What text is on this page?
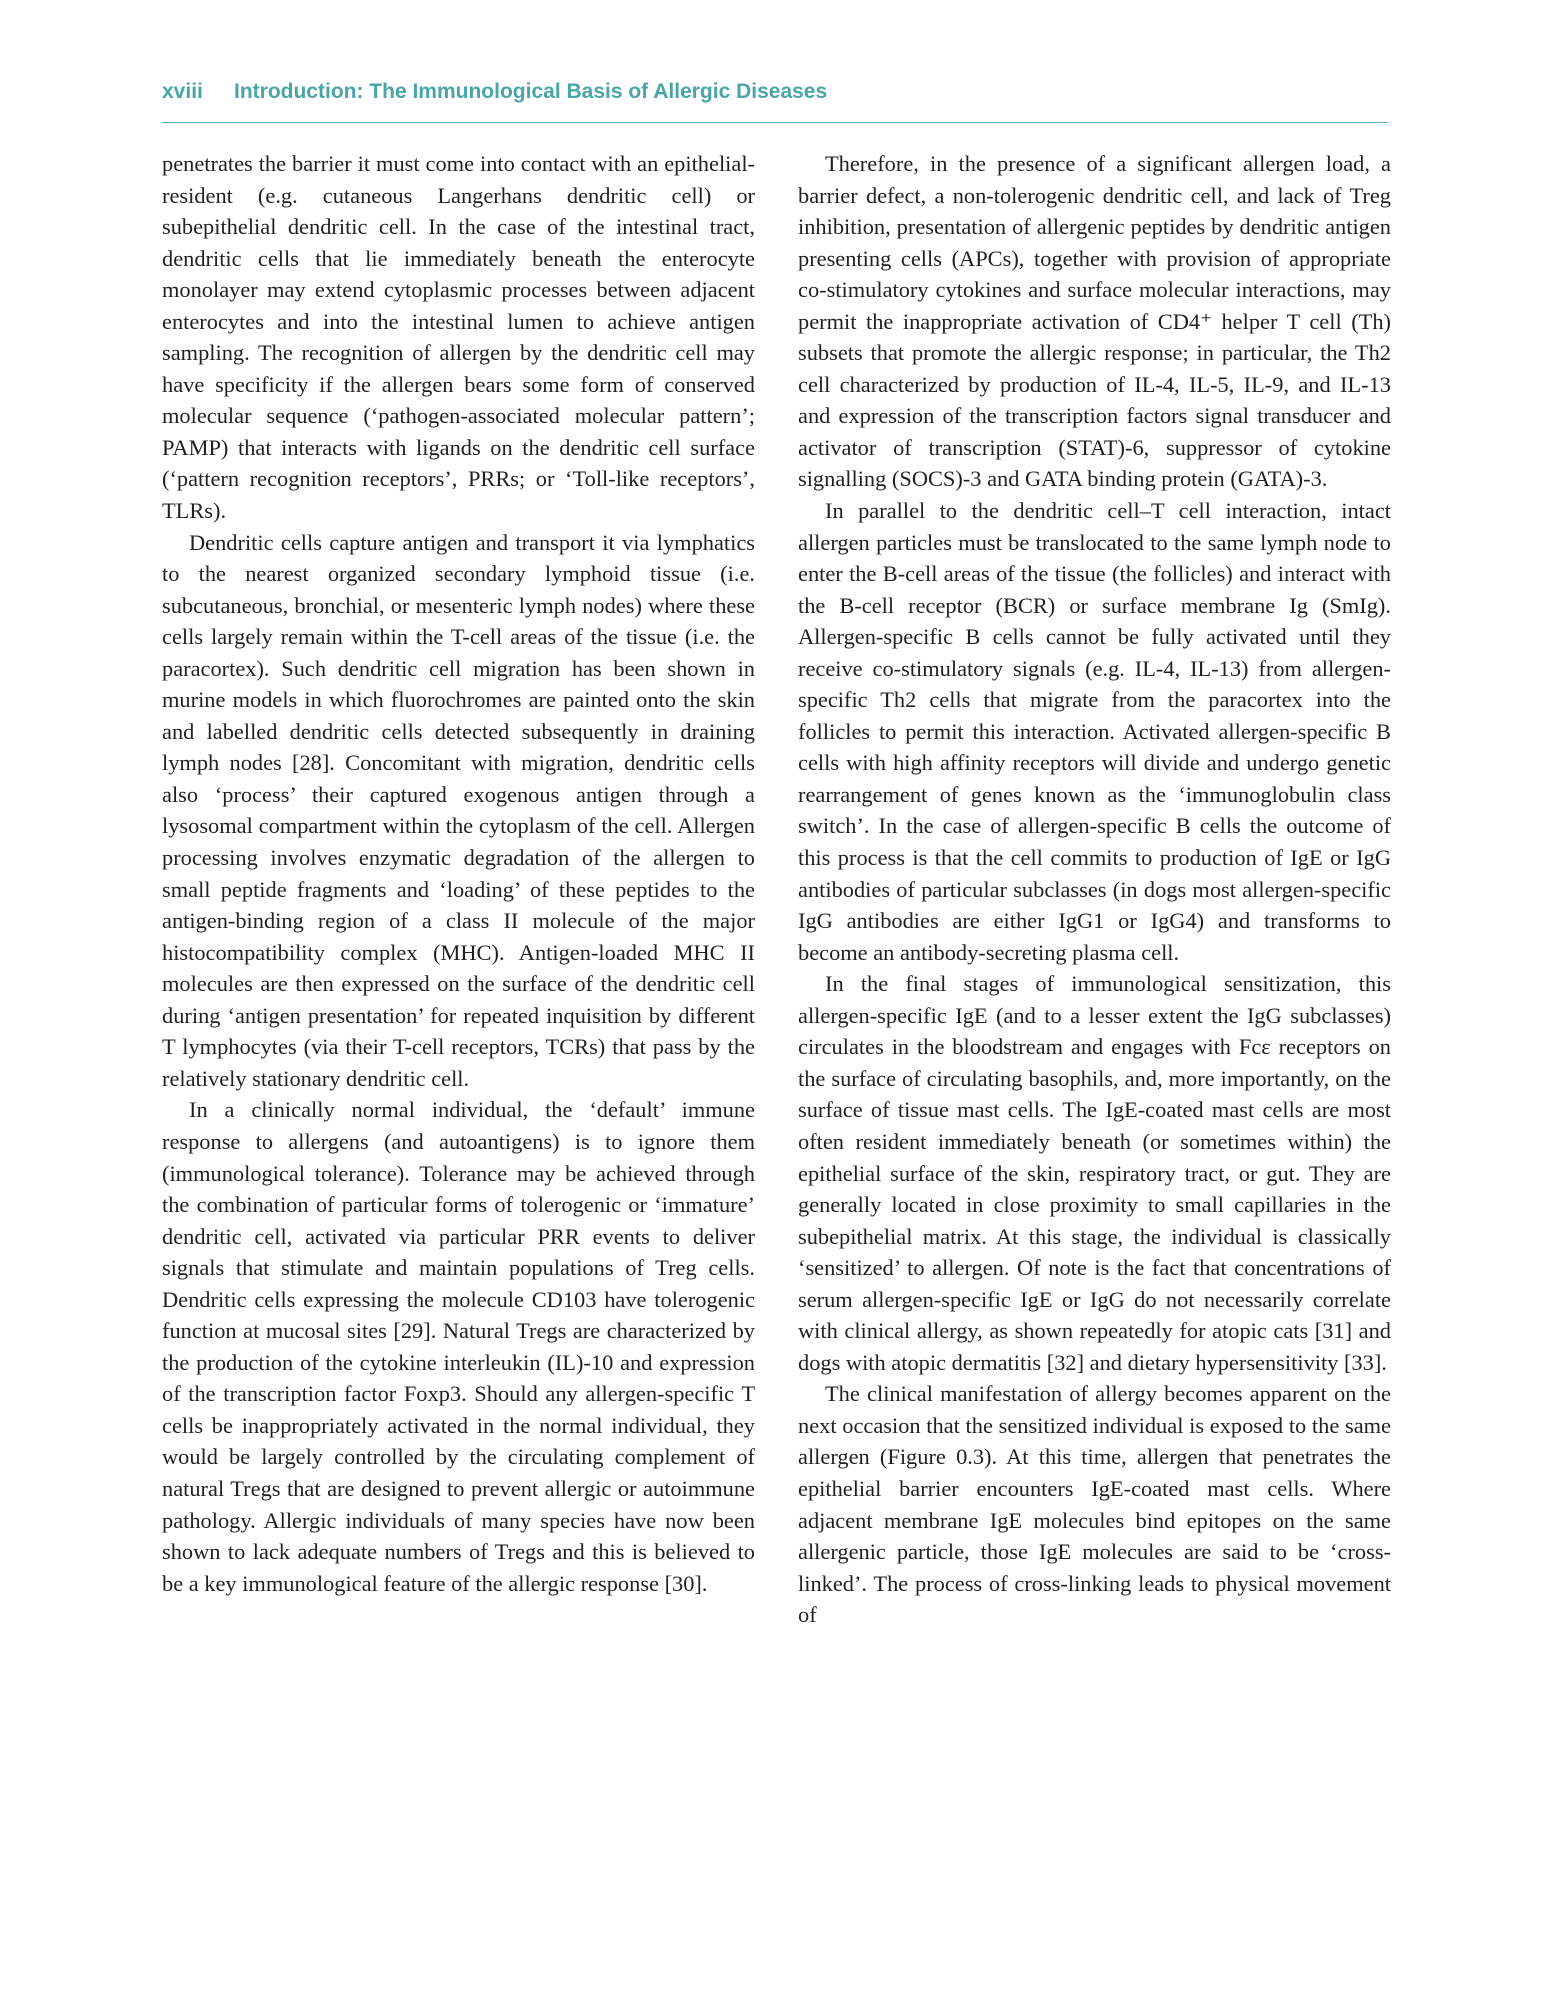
xviii Introduction: The Immunological Basis of Allergic Diseases

penetrates the barrier it must come into contact with an epithelial-resident (e.g. cutaneous Langerhans dendritic cell) or subepithelial dendritic cell. In the case of the intestinal tract, dendritic cells that lie immediately beneath the enterocyte monolayer may extend cytoplasmic processes between adjacent enterocytes and into the intestinal lumen to achieve antigen sampling. The recognition of allergen by the dendritic cell may have specificity if the allergen bears some form of conserved molecular sequence (‘pathogen-associated molecular pattern’; PAMP) that interacts with ligands on the dendritic cell surface (‘pattern recognition receptors’, PRRs; or ‘Toll-like receptors’, TLRs).

Dendritic cells capture antigen and transport it via lymphatics to the nearest organized secondary lymphoid tissue (i.e. subcutaneous, bronchial, or mesenteric lymph nodes) where these cells largely remain within the T-cell areas of the tissue (i.e. the paracortex). Such dendritic cell migration has been shown in murine models in which fluorochromes are painted onto the skin and labelled dendritic cells detected subsequently in draining lymph nodes [28]. Concomitant with migration, dendritic cells also ‘process’ their captured exogenous antigen through a lysosomal compartment within the cytoplasm of the cell. Allergen processing involves enzymatic degradation of the allergen to small peptide fragments and ‘loading’ of these peptides to the antigen-binding region of a class II molecule of the major histocompatibility complex (MHC). Antigen-loaded MHC II molecules are then expressed on the surface of the dendritic cell during ‘antigen presentation’ for repeated inquisition by different T lymphocytes (via their T-cell receptors, TCRs) that pass by the relatively stationary dendritic cell.

In a clinically normal individual, the ‘default’ immune response to allergens (and autoantigens) is to ignore them (immunological tolerance). Tolerance may be achieved through the combination of particular forms of tolerogenic or ‘immature’ dendritic cell, activated via particular PRR events to deliver signals that stimulate and maintain populations of Treg cells. Dendritic cells expressing the molecule CD103 have tolerogenic function at mucosal sites [29]. Natural Tregs are characterized by the production of the cytokine interleukin (IL)-10 and expression of the transcription factor Foxp3. Should any allergen-specific T cells be inappropriately activated in the normal individual, they would be largely controlled by the circulating complement of natural Tregs that are designed to prevent allergic or autoimmune pathology. Allergic individuals of many species have now been shown to lack adequate numbers of Tregs and this is believed to be a key immunological feature of the allergic response [30].

Therefore, in the presence of a significant allergen load, a barrier defect, a non-tolerogenic dendritic cell, and lack of Treg inhibition, presentation of allergenic peptides by dendritic antigen presenting cells (APCs), together with provision of appropriate co-stimulatory cytokines and surface molecular interactions, may permit the inappropriate activation of CD4⁺ helper T cell (Th) subsets that promote the allergic response; in particular, the Th2 cell characterized by production of IL-4, IL-5, IL-9, and IL-13 and expression of the transcription factors signal transducer and activator of transcription (STAT)-6, suppressor of cytokine signalling (SOCS)-3 and GATA binding protein (GATA)-3.

In parallel to the dendritic cell–T cell interaction, intact allergen particles must be translocated to the same lymph node to enter the B-cell areas of the tissue (the follicles) and interact with the B-cell receptor (BCR) or surface membrane Ig (SmIg). Allergen-specific B cells cannot be fully activated until they receive co-stimulatory signals (e.g. IL-4, IL-13) from allergen-specific Th2 cells that migrate from the paracortex into the follicles to permit this interaction. Activated allergen-specific B cells with high affinity receptors will divide and undergo genetic rearrangement of genes known as the ‘immunoglobulin class switch’. In the case of allergen-specific B cells the outcome of this process is that the cell commits to production of IgE or IgG antibodies of particular subclasses (in dogs most allergen-specific IgG antibodies are either IgG1 or IgG4) and transforms to become an antibody-secreting plasma cell.

In the final stages of immunological sensitization, this allergen-specific IgE (and to a lesser extent the IgG subclasses) circulates in the bloodstream and engages with Fcε receptors on the surface of circulating basophils, and, more importantly, on the surface of tissue mast cells. The IgE-coated mast cells are most often resident immediately beneath (or sometimes within) the epithelial surface of the skin, respiratory tract, or gut. They are generally located in close proximity to small capillaries in the subepithelial matrix. At this stage, the individual is classically ‘sensitized’ to allergen. Of note is the fact that concentrations of serum allergen-specific IgE or IgG do not necessarily correlate with clinical allergy, as shown repeatedly for atopic cats [31] and dogs with atopic dermatitis [32] and dietary hypersensitivity [33].

The clinical manifestation of allergy becomes apparent on the next occasion that the sensitized individual is exposed to the same allergen (Figure 0.3). At this time, allergen that penetrates the epithelial barrier encounters IgE-coated mast cells. Where adjacent membrane IgE molecules bind epitopes on the same allergenic particle, those IgE molecules are said to be ‘cross-linked’. The process of cross-linking leads to physical movement of
